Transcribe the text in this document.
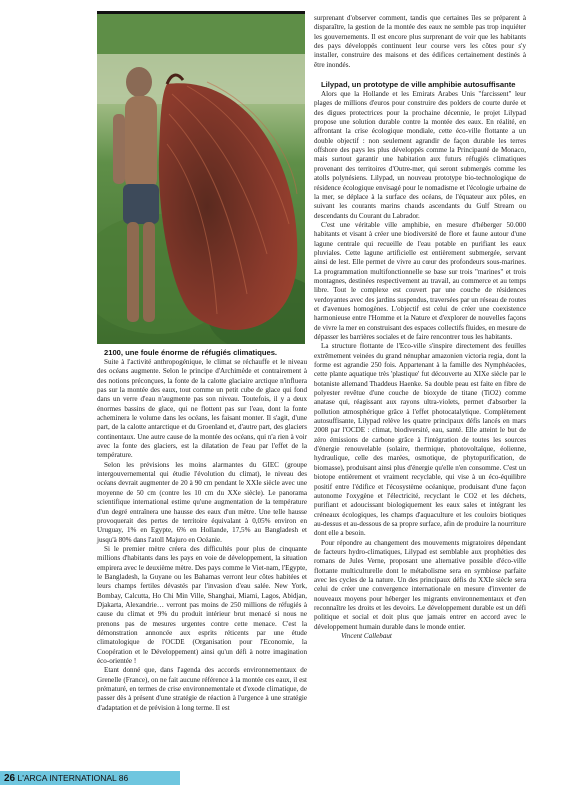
2100, une foule énorme de réfugiés climatiques.

Suite à l'activité anthropogénique, le climat se réchauffe et le niveau des océans augmente. Selon le principe d'Archimède et contrairement à des notions préconçues, la fonte de la calotte glaciaire arctique n'influera pas sur la montée des eaux, tout comme un petit cube de glace qui fond dans un verre d'eau n'augmente pas son niveau. Toutefois, il y a deux énormes bassins de glace, qui ne flottent pas sur l'eau, dont la fonte acheminera le volume dans les océans, les faisant monter. Il s'agit, d'une part, de la calotte antarctique et du Groenland et, d'autre part, des glaciers continentaux. Une autre cause de la montée des océans, qui n'a rien à voir avec la fonte des glaciers, est la dilatation de l'eau par l'effet de la température.

Selon les prévisions les moins alarmantes du GIEC (groupe intergouvernemental qui étudie l'évolution du climat), le niveau des océans devrait augmenter de 20 à 90 cm pendant le XXIe siècle avec une moyenne de 50 cm (contre les 10 cm du XXe siècle). Le panorama scientifique international estime qu'une augmentation de la température d'un degré entraînera une hausse des eaux d'un mètre. Une telle hausse provoquerait des pertes de territoire équivalant à 0,05% environ en Uruguay, 1% en Egypte, 6% en Hollande, 17,5% au Bangladesh et jusqu'à 80% dans l'atoll Majuro en Océanie.

Si le premier mètre créera des difficultés pour plus de cinquante millions d'habitants dans les pays en voie de développement, la situation empirera avec le deuxième mètre. Des pays comme le Viet-nam, l'Egypte, le Bangladesh, la Guyane ou les Bahamas verront leur côtes habitées et leurs champs fertiles dévastés par l'invasion d'eau salée. New York, Bombay, Calcutta, Ho Chi Min Ville, Shanghai, Miami, Lagos, Abidjan, Djakarta, Alexandrie… verront pas moins de 250 millions de réfugiés à cause du climat et 9% du produit intérieur brut menacé si nous ne prenons pas de mesures urgentes contre cette menace. C'est la démonstration annoncée aux esprits réticents par une étude climatologique de l'OCDE (Organisation pour l'Economie, la Coopération et le Développement) ainsi qu'un défi à notre imagination éco-orientée !

Etant donné que, dans l'agenda des accords environnementaux de Grenelle (France), on ne fait aucune référence à la montée ces eaux, il est prématuré, en termes de crise environnementale et d'exode climatique, de passer dès à présent d'une stratégie de réaction à l'urgence à une stratégie d'adaptation et de prévision à long terme. Il est

surprenant d'observer comment, tandis que certaines îles se préparent à disparaître, la gestion de la montée des eaux ne semble pas trop inquiéter les gouvernements. Il est encore plus surprenant de voir que les habitants des pays développés continuent leur course vers les côtes pour s'y installer, construire des maisons et des édifices certainement destinés à être inondés.

Lilypad, un prototype de ville amphibie autosuffisante

Alors que la Hollande et les Emirats Arabes Unis "farcissent" leur plages de millions d'euros pour construire des polders de courte durée et des digues protectrices pour la prochaine décennie, le projet Lilypad propose une solution durable contre la montée des eaux. En réalité, en affrontant la crise écologique mondiale, cette éco-ville flottante a un double objectif : non seulement agrandir de façon durable les terres offshore des pays les plus développés comme la Principauté de Monaco, mais surtout garantir une habitation aux futurs réfugiés climatiques provenant des territoires d'Outre-mer, qui seront submergés comme les atolls polynésiens. Lilypad, un nouveau prototype bio-technologique de résidence écologique envisagé pour le nomadisme et l'écologie urbaine de la mer, se déplace à la surface des océans, de l'équateur aux pôles, en suivant les courants marins chauds ascendants du Gulf Stream ou descendants du Courant du Labrador.

C'est une véritable ville amphibie, en mesure d'héberger 50.000 habitants et visant à créer une biodiversité de flore et faune autour d'une lagune centrale qui recueille de l'eau potable en purifiant les eaux pluviales. Cette lagune artificielle est entièrement submergée, servant ainsi de lest. Elle permet de vivre au cœur des profondeurs sous-marines. La programmation multifonctionnelle se base sur trois "marines" et trois montagnes, destinées respectivement au travail, au commerce et au temps libre. Tout le complexe est couvert par une couche de résidences verdoyantes avec des jardins suspendus, traversées par un réseau de routes et d'avenues homogènes. L'objectif est celui de créer une coexistence harmonieuse entre l'Homme et la Nature et d'explorer de nouvelles façons de vivre la mer en construisant des espaces collectifs fluides, en mesure de dépasser les barrières sociales et de faire rencontrer tous les habitants.

La structure flottante de l'Eco-ville s'inspire directement des feuilles extrêmement veinées du grand nénuphar amazonien victoria regia, dont la forme est agrandie 250 fois. Appartenant à la famille des Nymphéacées, cette plante aquatique très 'plastique' fut découverte au XIXe siècle par le botaniste allemand Thaddeus Haenke. Sa double peau est faite en fibre de polyester revêtue d'une couche de bioxyde de titane (TiO2) comme anatase qui, réagissant aux rayons ultra-violets, permet d'absorber la pollution atmosphérique grâce à l'effet photocatalytique. Complètement autosuffisante, Lilypad relève les quatre principaux défis lancés en mars 2008 par l'OCDE : climat, biodiversité, eau, santé. Elle atteint le but de zéro émissions de carbone grâce à l'intégration de toutes les sources d'énergie renouvelable (solaire, thermique, photovoltaïque, éolienne, hydraulique, celle des marées, osmotique, de phytopurification, de biomasse), produisant ainsi plus d'énergie qu'elle n'en consomme. C'est un biotope entièrement et vraiment recyclable, qui vise à un éco-équilibre positif entre l'édifice et l'écosystème océanique, produisant d'une façon autonome l'oxygène et l'électricité, recyclant le CO2 et les déchets, purifiant et adoucissant biologiquement les eaux sales et intégrant les créneaux écologiques, les champs d'aquaculture et les couloirs biotiques au-dessus et au-dessous de sa propre surface, afin de produire la nourriture dont elle a besoin.

Pour répondre au changement des mouvements migratoires dépendant de facteurs hydro-climatiques, Lilypad est semblable aux prophéties des romans de Jules Verne, proposant une alternative possible d'éco-ville flottante multiculturelle dont le métabolisme sera en symbiose parfaite avec les cycles de la nature. Un des principaux défis du XXIe siècle sera celui de créer une convergence internationale en mesure d'inventer de nouveaux moyens pour héberger les migrants environnementaux et d'en reconnaître les droits et les devoirs. Le développement durable est un défi politique et social et doit plus que jamais entrer en accord avec le développement humain durable dans le monde entier.

Vincent Callebaut

26 L'ARCA INTERNATIONAL 86
